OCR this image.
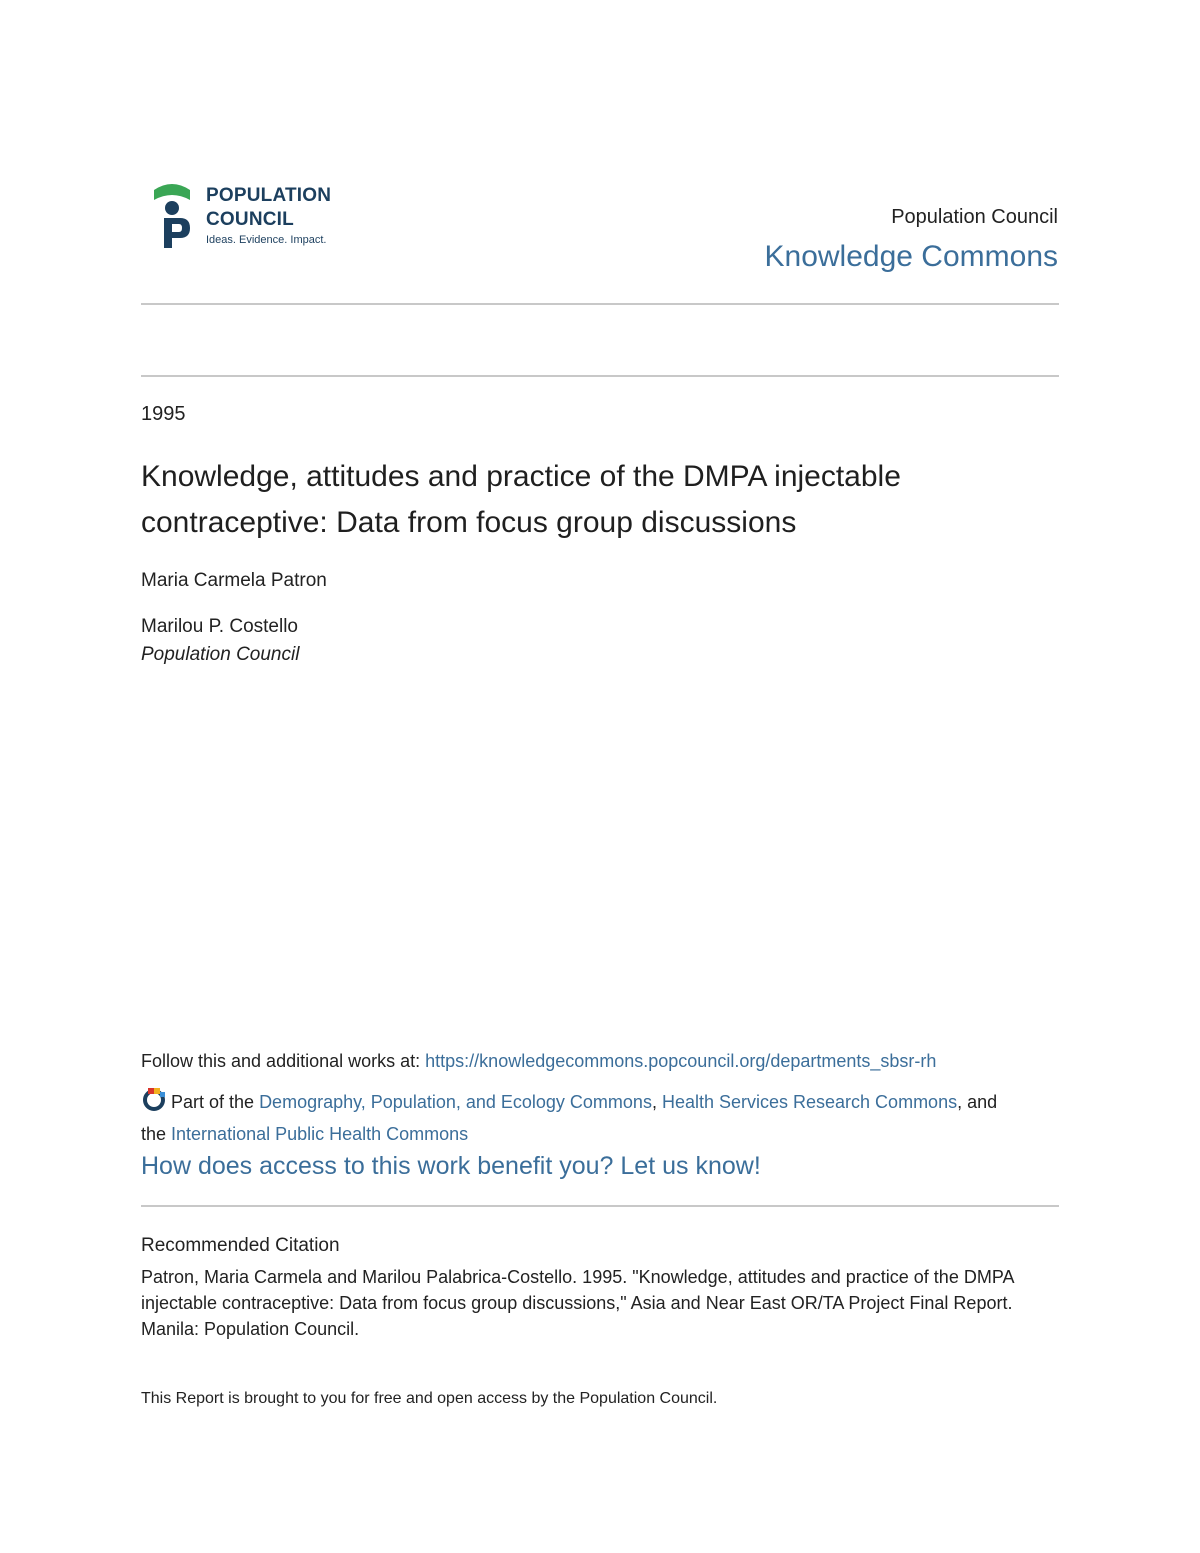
POPULATION
COUNCIL
Ideas. Evidence. Impact.
Population Council
Knowledge Commons
1995
Knowledge, attitudes and practice of the DMPA injectable contraceptive: Data from focus group discussions
Maria Carmela Patron
Marilou P. Costello
Population Council
Follow this and additional works at: https://knowledgecommons.popcouncil.org/departments_sbsr-rh
Part of the Demography, Population, and Ecology Commons, Health Services Research Commons, and
the International Public Health Commons
How does access to this work benefit you? Let us know!
Recommended Citation
Patron, Maria Carmela and Marilou Palabrica-Costello. 1995. "Knowledge, attitudes and practice of the DMPA injectable contraceptive: Data from focus group discussions," Asia and Near East OR/TA Project Final Report. Manila: Population Council.
This Report is brought to you for free and open access by the Population Council.
